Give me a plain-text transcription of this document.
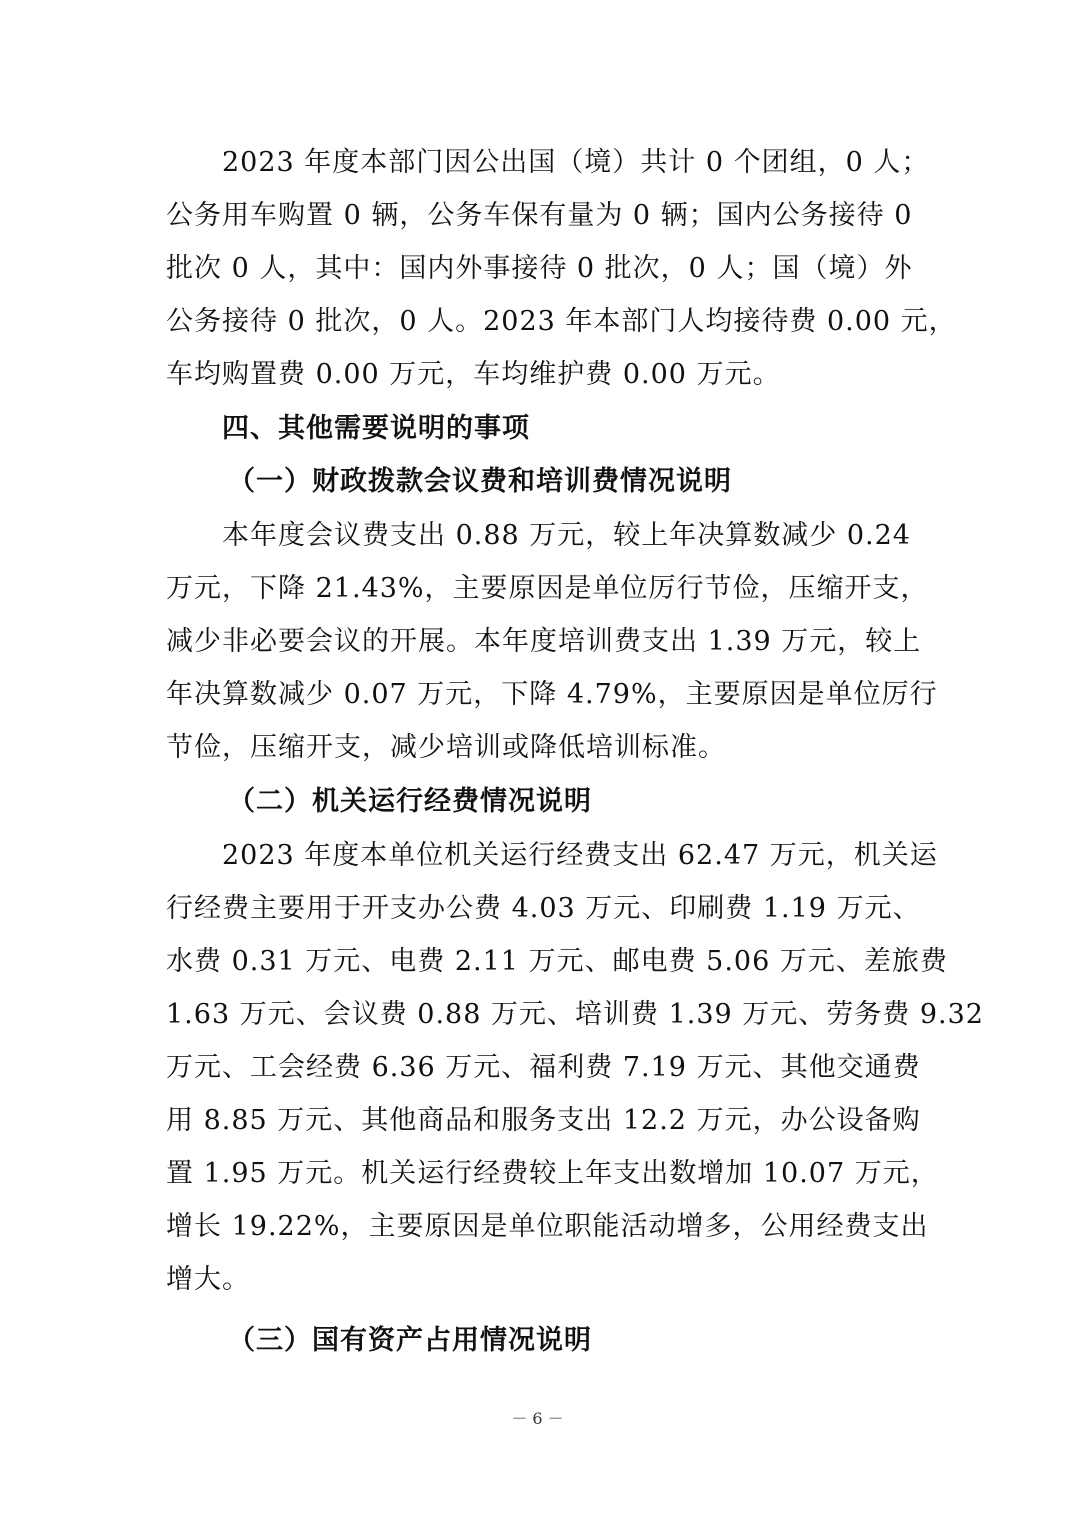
2023 年度本部门因公出国（境）共计 0 个团组，0 人；
公务用车购置 0 辆，公务车保有量为 0 辆；国内公务接待 0
批次 0 人，其中：国内外事接待 0 批次，0 人；国（境）外
公务接待 0 批次，0 人。2023 年本部门人均接待费 0.00 元，
车均购置费 0.00 万元，车均维护费 0.00 万元。
四、其他需要说明的事项
（一）财政拨款会议费和培训费情况说明
本年度会议费支出 0.88 万元，较上年决算数减少 0.24
万元，下降 21.43%，主要原因是单位厉行节俭，压缩开支，
减少非必要会议的开展。本年度培训费支出 1.39 万元，较上
年决算数减少 0.07 万元，下降 4.79%，主要原因是单位厉行
节俭，压缩开支，减少培训或降低培训标准。
（二）机关运行经费情况说明
2023 年度本单位机关运行经费支出 62.47 万元，机关运
行经费主要用于开支办公费 4.03 万元、印刷费 1.19 万元、
水费 0.31 万元、电费 2.11 万元、邮电费 5.06 万元、差旅费
1.63 万元、会议费 0.88 万元、培训费 1.39 万元、劳务费 9.32
万元、工会经费 6.36 万元、福利费 7.19 万元、其他交通费
用 8.85 万元、其他商品和服务支出 12.2 万元，办公设备购
置 1.95 万元。机关运行经费较上年支出数增加 10.07 万元，
增长 19.22%，主要原因是单位职能活动增多，公用经费支出
增大。
（三）国有资产占用情况说明
－ 6 －
